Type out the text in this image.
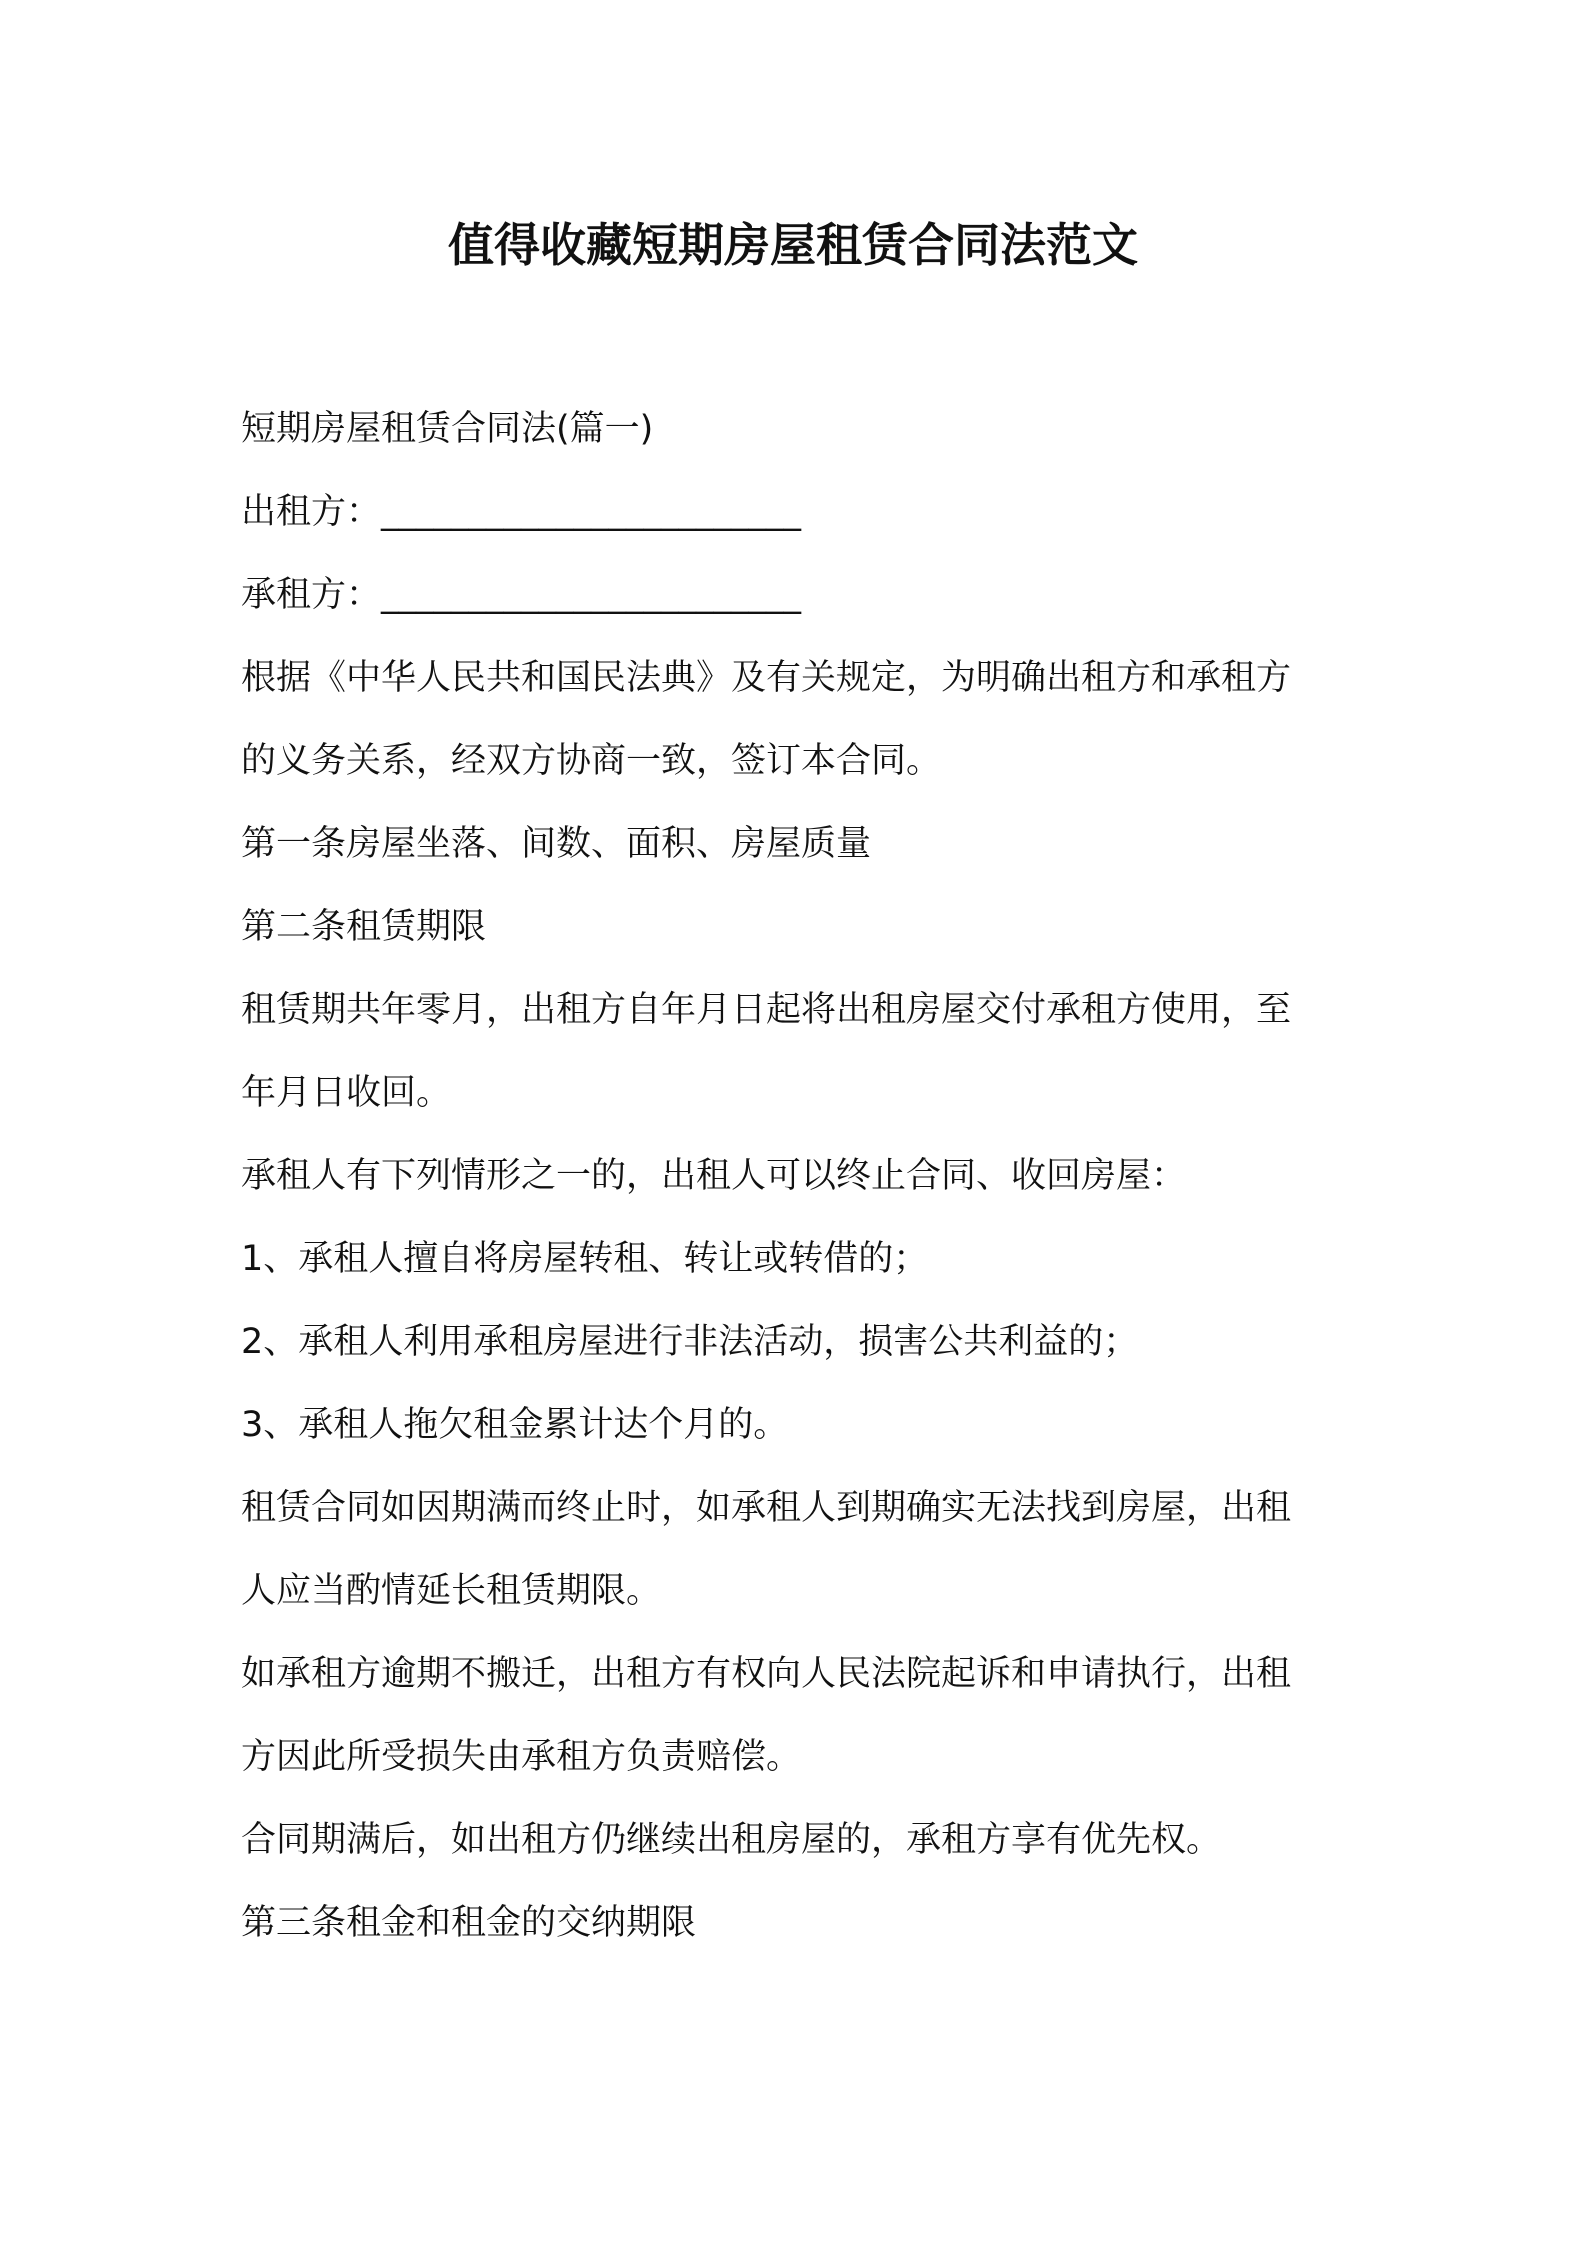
值得收藏短期房屋租赁合同法范文
短期房屋租赁合同法(篇一)
出租方：________________________
承租方：________________________
根据《中华人民共和国民法典》及有关规定，为明确出租方和承租方
的义务关系，经双方协商一致，签订本合同。
第一条房屋坐落、间数、面积、房屋质量
第二条租赁期限
租赁期共年零月，出租方自年月日起将出租房屋交付承租方使用，至
年月日收回。
承租人有下列情形之一的，出租人可以终止合同、收回房屋：
1、承租人擅自将房屋转租、转让或转借的；
2、承租人利用承租房屋进行非法活动，损害公共利益的；
3、承租人拖欠租金累计达个月的。
租赁合同如因期满而终止时，如承租人到期确实无法找到房屋，出租
人应当酌情延长租赁期限。
如承租方逾期不搬迁，出租方有权向人民法院起诉和申请执行，出租
方因此所受损失由承租方负责赔偿。
合同期满后，如出租方仍继续出租房屋的，承租方享有优先权。
第三条租金和租金的交纳期限
